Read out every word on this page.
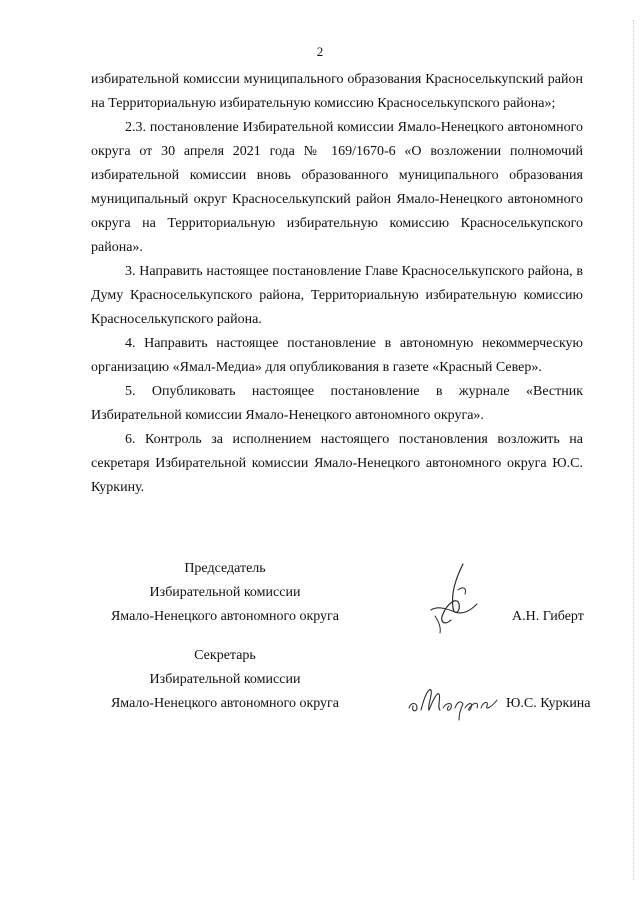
2

избирательной комиссии муниципального образования Красноселькупский район на Территориальную избирательную комиссию Красноселькупского района»;

2.3. постановление Избирательной комиссии Ямало-Ненецкого автономного округа от 30 апреля 2021 года № 169/1670-6 «О возложении полномочий избирательной комиссии вновь образованного муниципального образования муниципальный округ Красноселькупский район Ямало-Ненецкого автономного округа на Территориальную избирательную комиссию Красноселькупского района».

3. Направить настоящее постановление Главе Красноселькупского района, в Думу Красноселькупского района, Территориальную избирательную комиссию Красноселькупского района.

4. Направить настоящее постановление в автономную некоммерческую организацию «Ямал-Медиа» для опубликования в газете «Красный Север».

5. Опубликовать настоящее постановление в журнале «Вестник Избирательной комиссии Ямало-Ненецкого автономного округа».

6. Контроль за исполнением настоящего постановления возложить на секретаря Избирательной комиссии Ямало-Ненецкого автономного округа Ю.С. Куркину.

Председатель
Избирательной комиссии
Ямало-Ненецкого автономного округа	А.Н. Гиберт
Секретарь
Избирательной комиссии
Ямало-Ненецкого автономного округа	Ю.С. Куркина
